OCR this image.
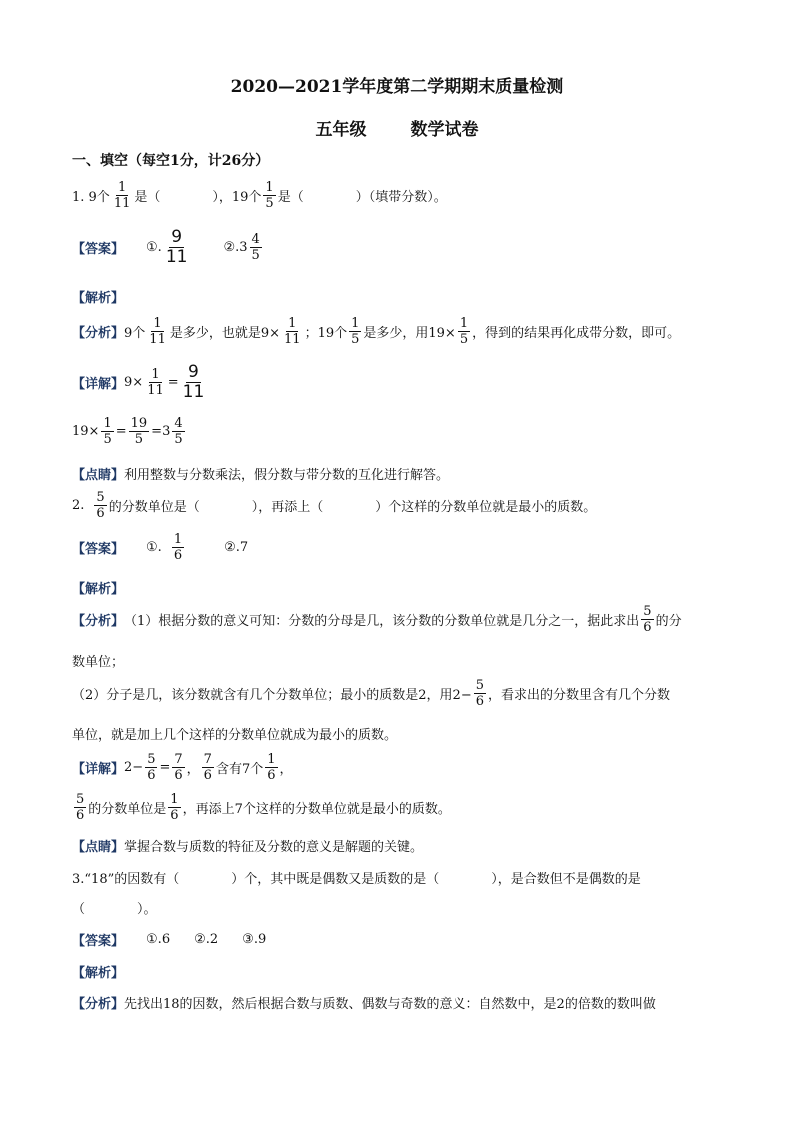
2020—2021学年度第二学期期末质量检测
五年级	数学试卷
一、填空（每空1分，计26分）
1. 9个 $\frac{1}{11}$ 是（　　　　），19个 $\frac{1}{5}$ 是（　　　　）（填带分数）。
【答案】 ①. $\frac{9}{11}$	②. $3 \frac{4}{5}$
【解析】
【分析】 9个 $\frac{1}{11}$ 是多少，也就是$9\times \frac{1}{11}$ ；19个 $\frac{1}{5}$ 是多少，用$19\times \frac{1}{5}$ ，得到的结果再化成带分数，即可。
【详解】 $9\times \frac{1}{11} = \frac{9}{11}$
$19\times \frac{1}{5} = \frac{19}{5} =3 \frac{4}{5}$
【点睛】 利用整数与分数乘法，假分数与带分数的互化进行解答。
2. $\frac{5}{6}$ 的分数单位是（　　　　），再添上（　　　　）个这样的分数单位就是最小的质数。
【答案】 ①. $\frac{1}{6}$	②. 7
【解析】
【分析】 （1）根据分数的意义可知：分数的分母是几，该分数的分数单位就是几分之一，据此求出 $\frac{5}{6}$ 的分
数单位；
（2）分子是几，该分数就含有几个分数单位；最小的质数是2，用$2- \frac{5}{6}$ ，看求出的分数里含有几个分数
单位，就是加上几个这样的分数单位就成为最小的质数。
【详解】 $2- \frac{5}{6} = \frac{7}{6}$ ， $\frac{7}{6}$ 含有7个 $\frac{1}{6}$ ，
$\frac{5}{6}$ 的分数单位是 $\frac{1}{6}$ ，再添上7个这样的分数单位就是最小的质数。
【点睛】 掌握合数与质数的特征及分数的意义是解题的关键。
3.“18”的因数有（　　　　）个，其中既是偶数又是质数的是（　　　　），是合数但不是偶数的是
（　　　　）。
【答案】 ①. 6 ②. 2 ③. 9
【解析】
【分析】 先找出18的因数，然后根据合数与质数、偶数与奇数的意义：自然数中，是2的倍数的数叫做
